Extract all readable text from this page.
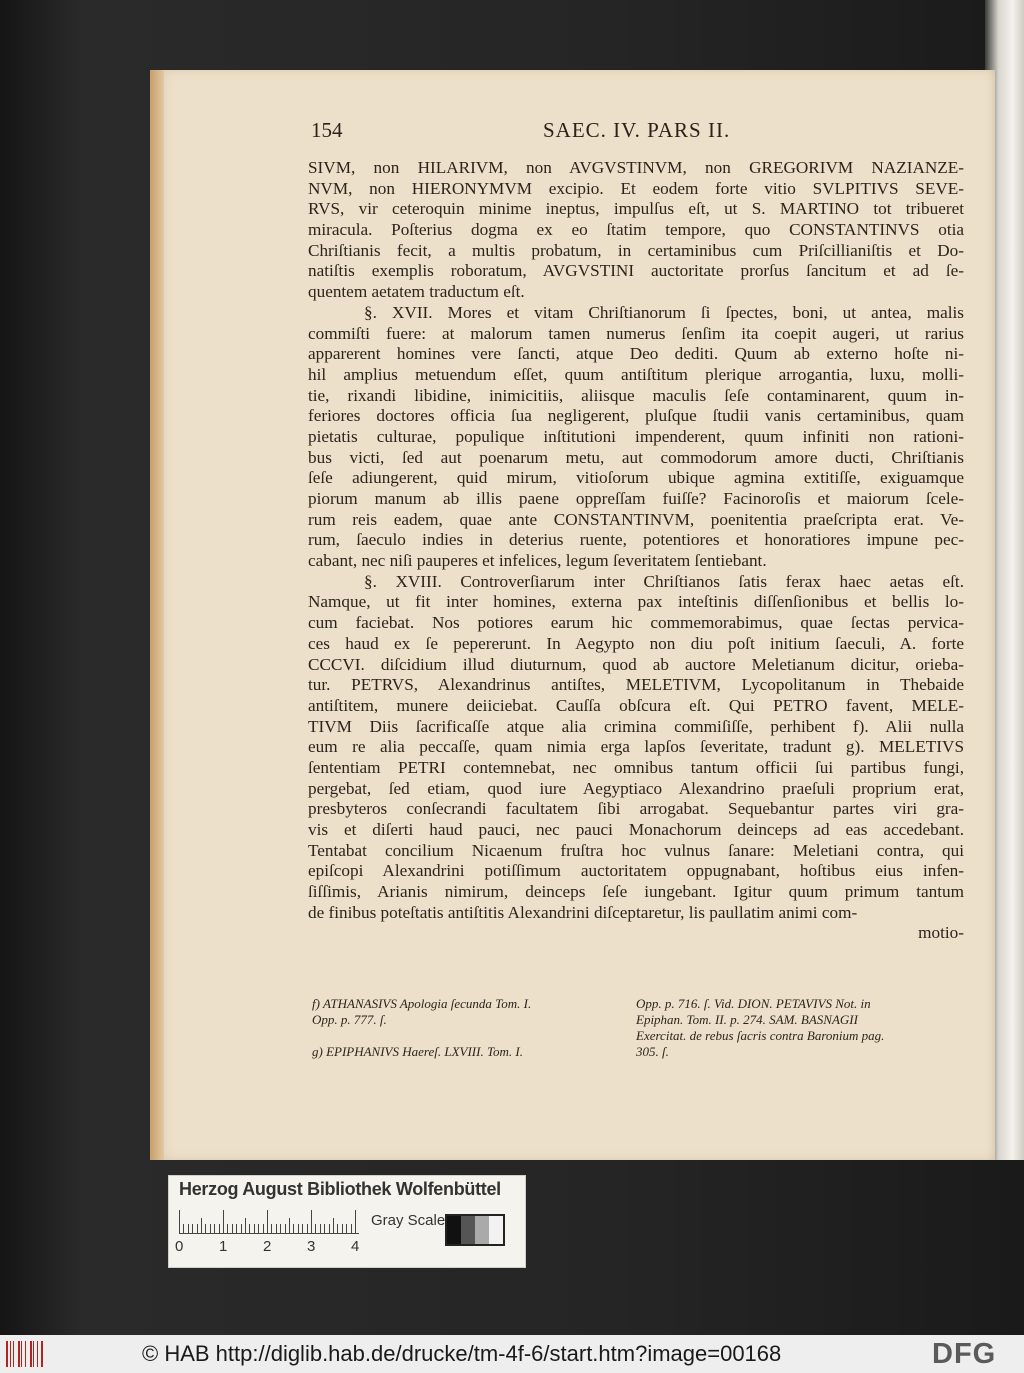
154	SAEC. IV. PARS II.
SIVM, non HILARIVM, non AVGVSTINVM, non GREGORIVM NAZIANZE-
NVM, non HIERONYMVM excipio. Et eodem forte vitio SVLPITIVS SEVE-
RVS, vir ceteroquin minime ineptus, impulſus eſt, ut S. MARTINO tot tribueret
miracula. Poſterius dogma ex eo ſtatim tempore, quo CONSTANTINVS otia
Chriſtianis fecit, a multis probatum, in certaminibus cum Priſcillianiſtis et Do-
natiſtis exemplis roboratum, AVGVSTINI auctoritate prorſus ſancitum et ad ſe-
quentem aetatem traductum eſt.
§. XVII. Mores et vitam Chriſtianorum ſi ſpectes, boni, ut antea, malis
commiſti fuere: at malorum tamen numerus ſenſim ita coepit augeri, ut rarius
apparerent homines vere ſancti, atque Deo dediti. Quum ab externo hoſte ni-
hil amplius metuendum eſſet, quum antiſtitum plerique arrogantia, luxu, molli-
tie, rixandi libidine, inimicitiis, aliisque maculis ſeſe contaminarent, quum in-
feriores doctores officia ſua negligerent, pluſque ſtudii vanis certaminibus, quam
pietatis culturae, populique inſtitutioni impenderent, quum infiniti non rationi-
bus victi, ſed aut poenarum metu, aut commodorum amore ducti, Chriſtianis
ſeſe adiungerent, quid mirum, vitioſorum ubique agmina extitiſſe, exiguamque
piorum manum ab illis paene oppreſſam fuiſſe? Facinoroſis et maiorum ſcele-
rum reis eadem, quae ante CONSTANTINVM, poenitentia praeſcripta erat. Ve-
rum, ſaeculo indies in deterius ruente, potentiores et honoratiores impune pec-
cabant, nec niſi pauperes et infelices, legum ſeveritatem ſentiebant.
§. XVIII. Controverſiarum inter Chriſtianos ſatis ferax haec aetas eſt.
Namque, ut fit inter homines, externa pax inteſtinis diſſenſionibus et bellis lo-
cum faciebat. Nos potiores earum hic commemorabimus, quae ſectas pervica-
ces haud ex ſe pepererunt. In Aegypto non diu poſt initium ſaeculi, A. forte
CCCVI. diſcidium illud diuturnum, quod ab auctore Meletianum dicitur, orieba-
tur. PETRVS, Alexandrinus antiſtes, MELETIVM, Lycopolitanum in Thebaide
antiſtitem, munere deiiciebat. Cauſſa obſcura eſt. Qui PETRO favent, MELE-
TIVM Diis ſacrificaſſe atque alia crimina commiſiſſe, perhibent f). Alii nulla
eum re alia peccaſſe, quam nimia erga lapſos ſeveritate, tradunt g). MELETIVS
ſententiam PETRI contemnebat, nec omnibus tantum officii ſui partibus fungi,
pergebat, ſed etiam, quod iure Aegyptiaco Alexandrino praeſuli proprium erat,
presbyteros conſecrandi facultatem ſibi arrogabat. Sequebantur partes viri gra-
vis et diſerti haud pauci, nec pauci Monachorum deinceps ad eas accedebant.
Tentabat concilium Nicaenum fruſtra hoc vulnus ſanare: Meletiani contra, qui
epiſcopi Alexandrini potiſſimum auctoritatem oppugnabant, hoſtibus eius infen-
ſiſſimis, Arianis nimirum, deinceps ſeſe iungebant. Igitur quum primum tantum
de finibus poteſtatis antiſtitis Alexandrini diſceptaretur, lis paullatim animi com-
motio-
f) ATHANASIVS Apologia ſecunda Tom. I.
Opp. p. 777. ſ.
Opp. p. 716. ſ. Vid. DION. PETAVIVS Not. in
Epiphan. Tom. II. p. 274. SAM. BASNAGII
Exercitat. de rebus ſacris contra Baronium pag.
305. ſ.
g) EPIPHANIVS Haereſ. LXVIII. Tom. I.
Herzog August Bibliothek Wolfenbüttel
0 1 2 3 4
Gray Scale
© HAB http://diglib.hab.de/drucke/tm-4f-6/start.htm?image=00168	DFG
